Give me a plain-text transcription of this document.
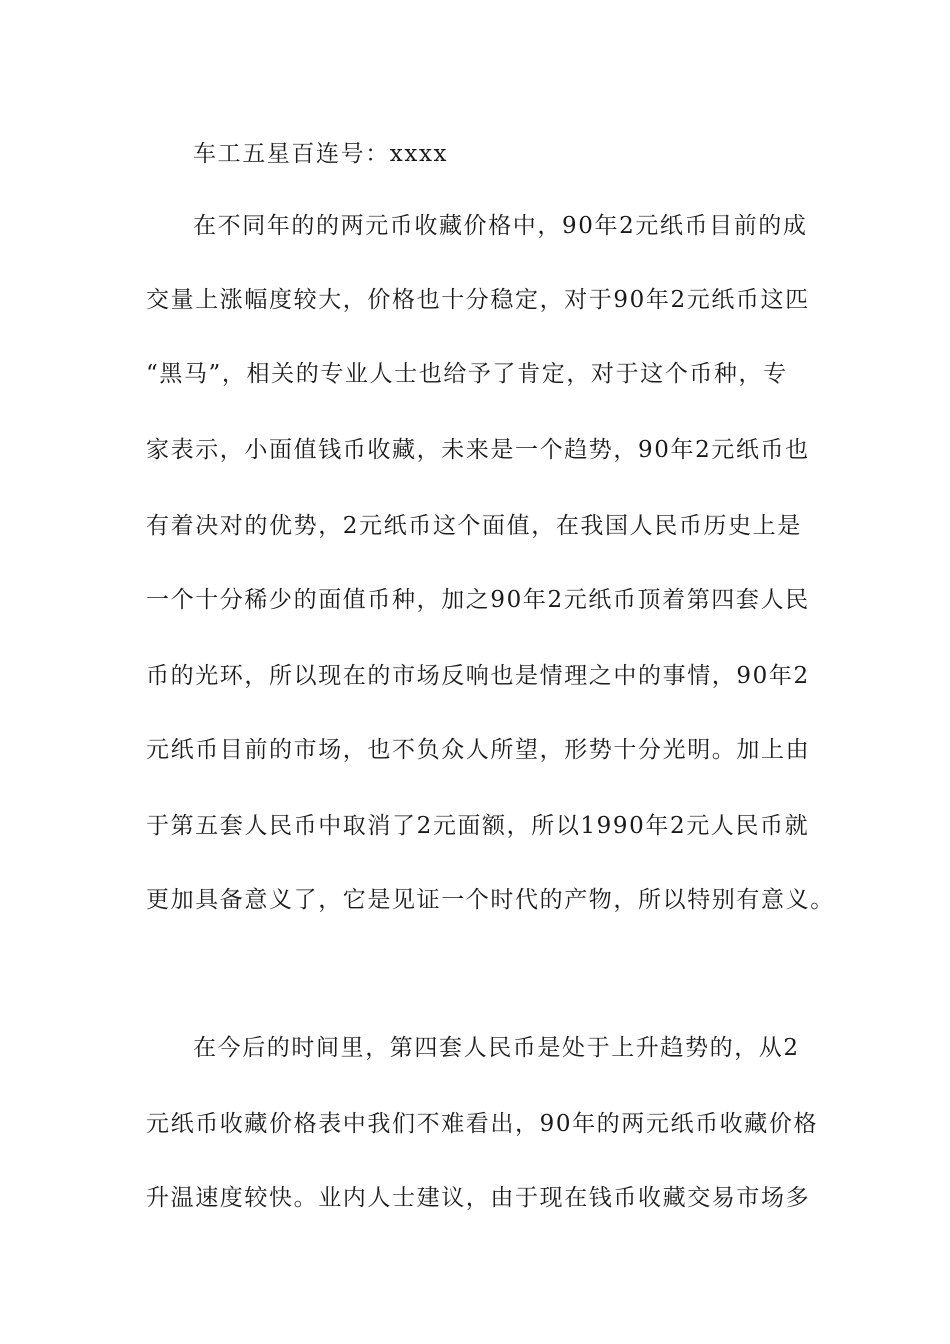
车工五星百连号：xxxx
在不同年的的两元币收藏价格中，90年2元纸币目前的成
交量上涨幅度较大，价格也十分稳定，对于90年2元纸币这匹
“黑马”，相关的专业人士也给予了肯定，对于这个币种，专
家表示，小面值钱币收藏，未来是一个趋势，90年2元纸币也
有着决对的优势，2元纸币这个面值，在我国人民币历史上是
一个十分稀少的面值币种，加之90年2元纸币顶着第四套人民
币的光环，所以现在的市场反响也是情理之中的事情，90年2
元纸币目前的市场，也不负众人所望，形势十分光明。加上由
于第五套人民币中取消了2元面额，所以1990年2元人民币就
更加具备意义了，它是见证一个时代的产物，所以特别有意义。
在今后的时间里，第四套人民币是处于上升趋势的，从2
元纸币收藏价格表中我们不难看出，90年的两元纸币收藏价格
升温速度较快。业内人士建议，由于现在钱币收藏交易市场多
